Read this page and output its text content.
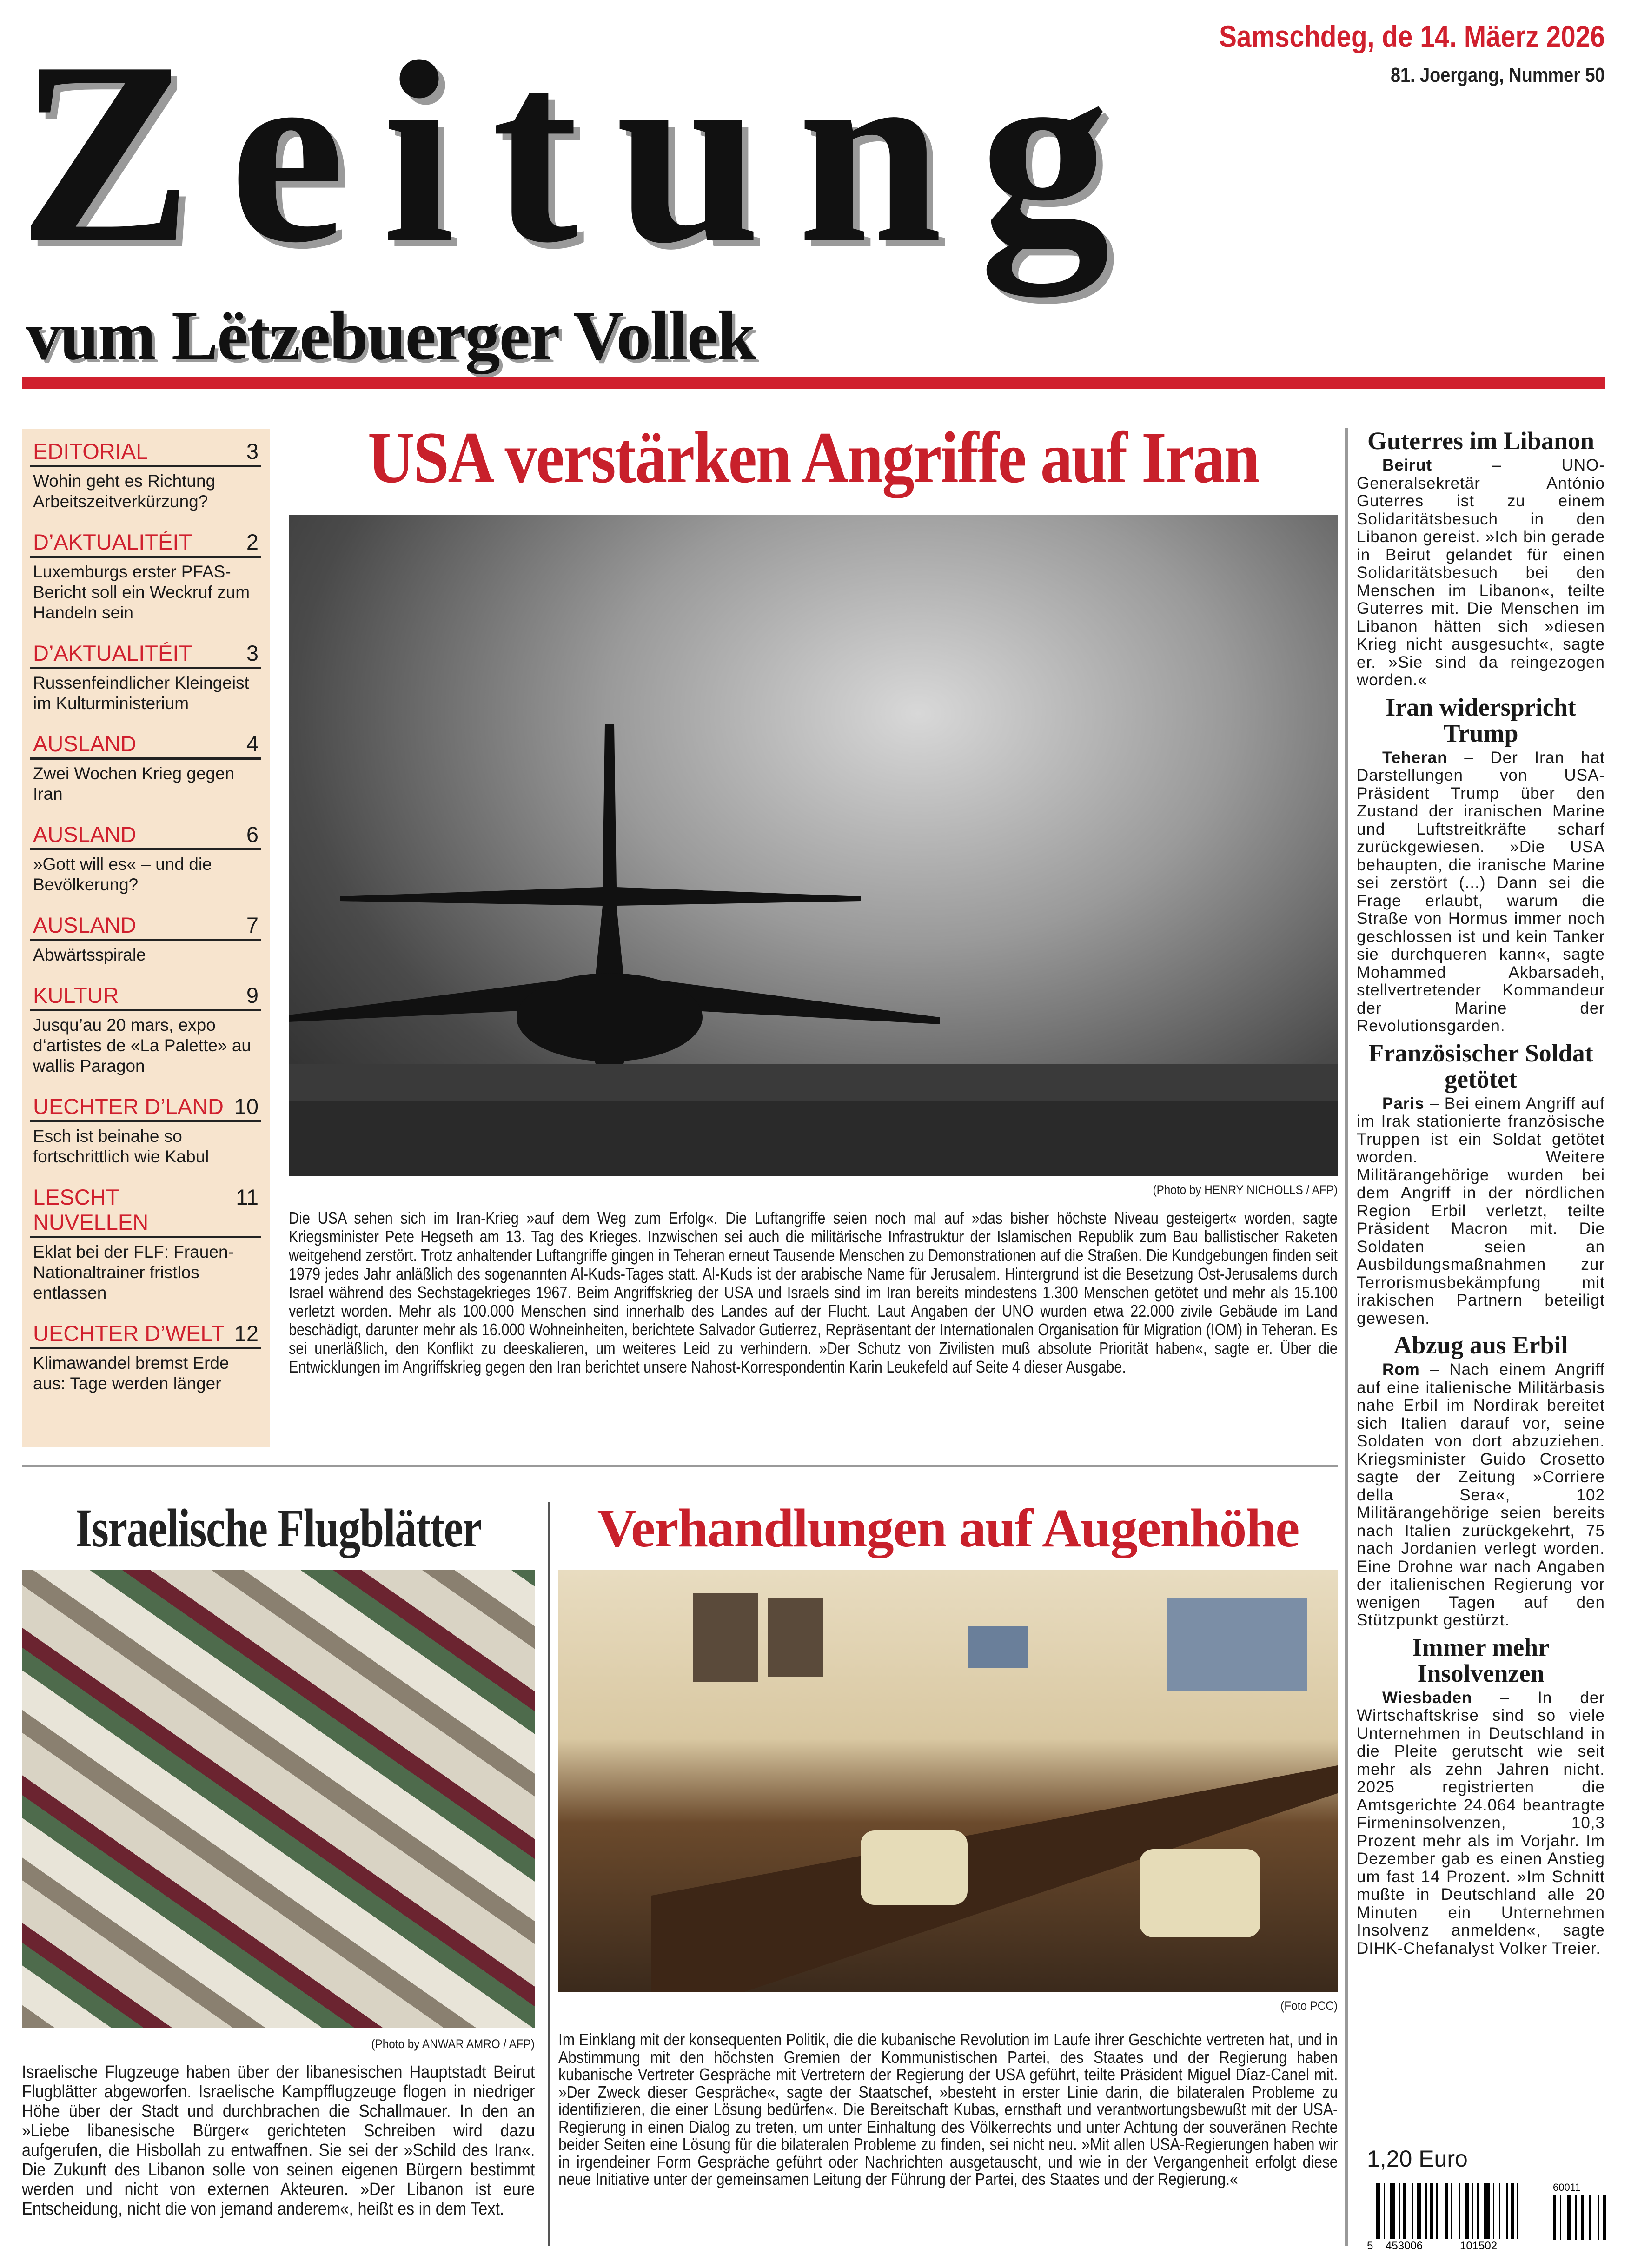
Zeitung
vum Lëtzebuerger Vollek
Samschdeg, de 14. Mäerz 2026
81. Joergang, Nummer 50
EDITORIAL	3
Wohin geht es Richtung Arbeitszeitverkürzung?
D’AKTUALITÉIT 2
Luxemburgs erster PFAS-Bericht soll ein Weckruf zum Handeln sein
D’AKTUALITÉIT 3
Russenfeindlicher Kleingeist im Kulturministerium
AUSLAND	4
Zwei Wochen Krieg gegen Iran
AUSLAND	6
»Gott will es« – und die Bevölkerung?
AUSLAND	7
Abwärtsspirale
KULTUR	9
Jusqu’au 20 mars, expo d‘artistes de «La Palette» au wallis Paragon
UECHTER D’LAND 10
Esch ist beinahe so fortschrittlich wie Kabul
LESCHT NUVELLEN
11
Eklat bei der FLF: Frauen-Nationaltrainer fristlos entlassen
UECHTER D’WELT 12
Klimawandel bremst Erde aus: Tage werden länger
USA verstärken Angriffe auf Iran
(Photo by HENRY NICHOLLS / AFP)
Die USA sehen sich im Iran-Krieg »auf dem Weg zum Erfolg«. Die Luftangriffe seien noch mal auf »das bisher höchste Niveau gesteigert« worden, sagte Kriegsminister Pete Hegseth am 13. Tag des Krieges. Inzwischen sei auch die militärische Infrastruktur der Islamischen Republik zum Bau ballistischer Raketen weitgehend zerstört. Trotz anhaltender Luftangriffe gingen in Teheran erneut Tausende Menschen zu Demonstrationen auf die Straßen. Die Kundgebungen finden seit 1979 jedes Jahr anläßlich des sogenannten Al-Kuds-Tages statt. Al-Kuds ist der arabische Name für Jerusalem. Hintergrund ist die Besetzung Ost-Jerusalems durch Israel während des Sechstagekrieges 1967. Beim Angriffskrieg der USA und Israels sind im Iran bereits mindestens 1.300 Menschen getötet und mehr als 15.100 verletzt worden. Mehr als 100.000 Menschen sind innerhalb des Landes auf der Flucht. Laut Angaben der UNO wurden etwa 22.000 zivile Gebäude im Land beschädigt, darunter mehr als 16.000 Wohneinheiten, berichtete Salvador Gutierrez, Repräsentant der Internationalen Organisation für Migration (IOM) in Teheran. Es sei unerläßlich, den Konflikt zu deeskalieren, um weiteres Leid zu verhindern. »Der Schutz von Zivilisten muß absolute Priorität haben«, sagte er. Über die Entwicklungen im Angriffskrieg gegen den Iran berichtet unsere Nahost-Korrespondentin Karin Leukefeld auf Seite 4 dieser Ausgabe.
Guterres im Libanon
Beirut – UNO-Generalsekretär António Guterres ist zu einem Solidaritätsbesuch in den Libanon gereist. »Ich bin gerade in Beirut gelandet für einen Solidaritätsbesuch bei den Menschen im Libanon«, teilte Guterres mit. Die Menschen im Libanon hätten sich »diesen Krieg nicht ausgesucht«, sagte er. »Sie sind da reingezogen worden.«
Iran widerspricht Trump
Teheran – Der Iran hat Darstellungen von USA-Präsident Trump über den Zustand der iranischen Marine und Luftstreitkräfte scharf zurückgewiesen. »Die USA behaupten, die iranische Marine sei zerstört (...) Dann sei die Frage erlaubt, warum die Straße von Hormus immer noch geschlossen ist und kein Tanker sie durchqueren kann«, sagte Mohammed Akbarsadeh, stellvertretender Kommandeur der Marine der Revolutionsgarden.
Französischer Soldat getötet
Paris – Bei einem Angriff auf im Irak stationierte französische Truppen ist ein Soldat getötet worden. Weitere Militärangehörige wurden bei dem Angriff in der nördlichen Region Erbil verletzt, teilte Präsident Macron mit. Die Soldaten seien an Ausbildungsmaßnahmen zur Terrorismusbekämpfung mit irakischen Partnern beteiligt gewesen.
Abzug aus Erbil
Rom – Nach einem Angriff auf eine italienische Militärbasis nahe Erbil im Nordirak bereitet sich Italien darauf vor, seine Soldaten von dort abzuziehen. Kriegsminister Guido Crosetto sagte der Zeitung »Corriere della Sera«, 102 Militärangehörige seien bereits nach Italien zurückgekehrt, 75 nach Jordanien verlegt worden. Eine Drohne war nach Angaben der italienischen Regierung vor wenigen Tagen auf den Stützpunkt gestürzt.
Immer mehr Insolvenzen
Wiesbaden – In der Wirtschaftskrise sind so viele Unternehmen in Deutschland in die Pleite gerutscht wie seit mehr als zehn Jahren nicht. 2025 registrierten die Amtsgerichte 24.064 beantragte Firmeninsolvenzen, 10,3 Prozent mehr als im Vorjahr. Im Dezember gab es einen Anstieg um fast 14 Prozent. »Im Schnitt mußte in Deutschland alle 20 Minuten ein Unternehmen Insolvenz anmelden«, sagte DIHK-Chefanalyst Volker Treier.
1,20 Euro
5 453006	101502
60011
Israelische Flugblätter
(Photo by ANWAR AMRO / AFP)
Israelische Flugzeuge haben über der libanesischen Hauptstadt Beirut Flugblätter abgeworfen. Israelische Kampfflugzeuge flogen in niedriger Höhe über der Stadt und durchbrachen die Schallmauer. In den an »Liebe libanesische Bürger« gerichteten Schreiben wird dazu aufgerufen, die Hisbollah zu entwaffnen. Sie sei der »Schild des Iran«. Die Zukunft des Libanon solle von seinen eigenen Bürgern bestimmt werden und nicht von externen Akteuren. »Der Libanon ist eure Entscheidung, nicht die von jemand anderem«, heißt es in dem Text.
Verhandlungen auf Augenhöhe
(Foto PCC)
Im Einklang mit der konsequenten Politik, die die kubanische Revolution im Laufe ihrer Geschichte vertreten hat, und in Abstimmung mit den höchsten Gremien der Kommunistischen Partei, des Staates und der Regierung haben kubanische Vertreter Gespräche mit Vertretern der Regierung der USA geführt, teilte Präsident Miguel Díaz-Canel mit. »Der Zweck dieser Gespräche«, sagte der Staatschef, »besteht in erster Linie darin, die bilateralen Probleme zu identifizieren, die einer Lösung bedürfen«. Die Bereitschaft Kubas, ernsthaft und verantwortungsbewußt mit der USA-Regierung in einen Dialog zu treten, um unter Einhaltung des Völkerrechts und unter Achtung der souveränen Rechte beider Seiten eine Lösung für die bilateralen Probleme zu finden, sei nicht neu. »Mit allen USA-Regierungen haben wir in irgendeiner Form Gespräche geführt oder Nachrichten ausgetauscht, und wie in der Vergangenheit erfolgt diese neue Initiative unter der gemeinsamen Leitung der Führung der Partei, des Staates und der Regierung.«
